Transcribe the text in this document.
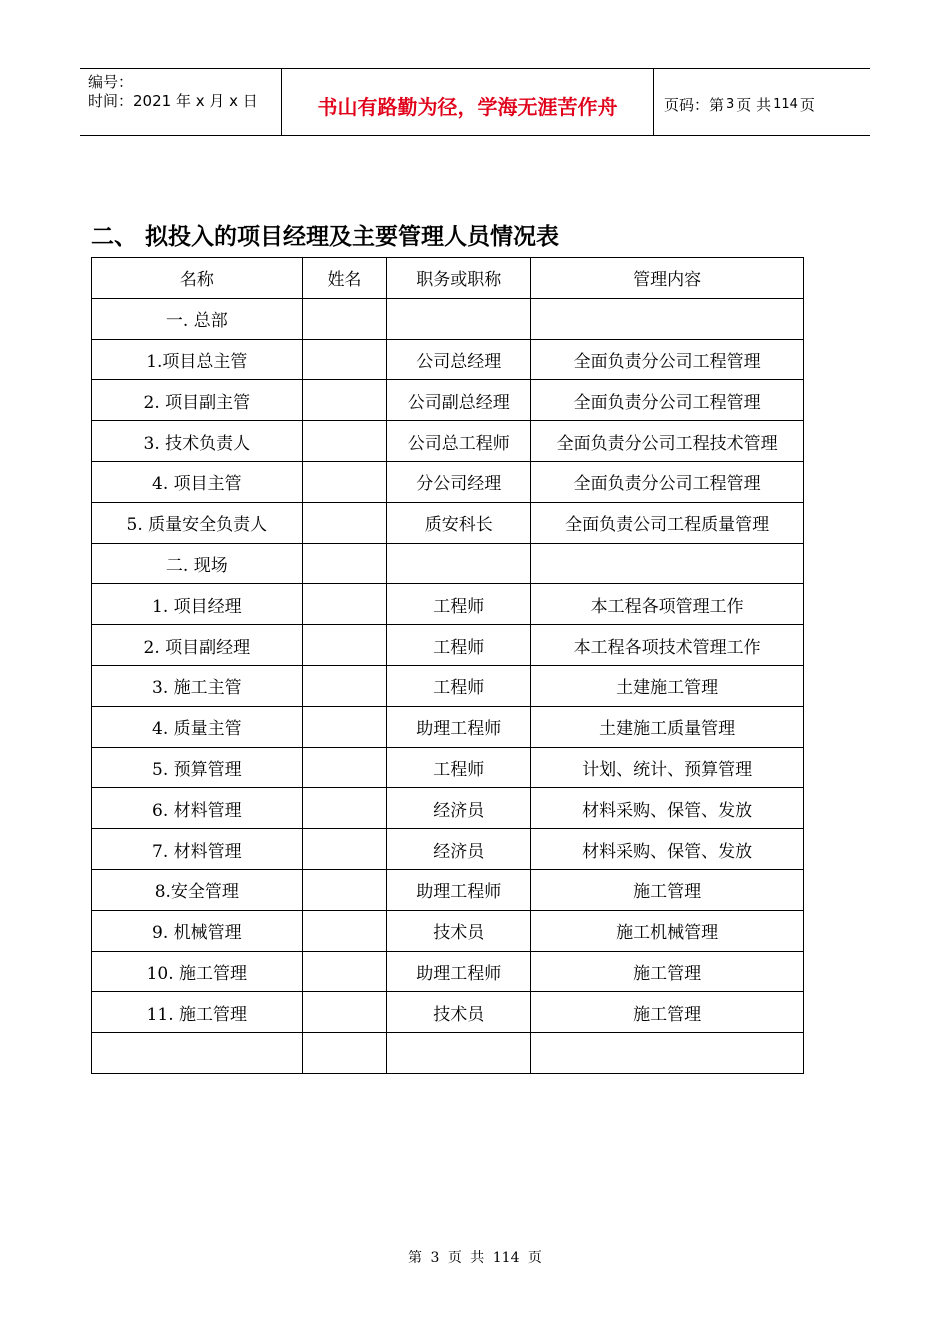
编号：
时间：2021 年 x 月 x 日	书山有路勤为径，学海无涯苦作舟	页码：第 3 页 共 114 页
二、 拟投入的项目经理及主要管理人员情况表
名称	姓名	职务或职称	管理内容
一. 总部			
1.项目总主管		公司总经理	全面负责分公司工程管理
2. 项目副主管		公司副总经理	全面负责分公司工程管理
3. 技术负责人		公司总工程师	全面负责分公司工程技术管理
4. 项目主管		分公司经理	全面负责分公司工程管理
5. 质量安全负责人		质安科长	全面负责公司工程质量管理
二. 现场			
1. 项目经理		工程师	本工程各项管理工作
2. 项目副经理		工程师	本工程各项技术管理工作
3. 施工主管		工程师	土建施工管理
4. 质量主管		助理工程师	土建施工质量管理
5. 预算管理		工程师	计划、统计、预算管理
6. 材料管理		经济员	材料采购、保管、发放
7. 材料管理		经济员	材料采购、保管、发放
8.安全管理		助理工程师	施工管理
9. 机械管理		技术员	施工机械管理
10. 施工管理		助理工程师	施工管理
11. 施工管理		技术员	施工管理

第 3 页 共 114 页
